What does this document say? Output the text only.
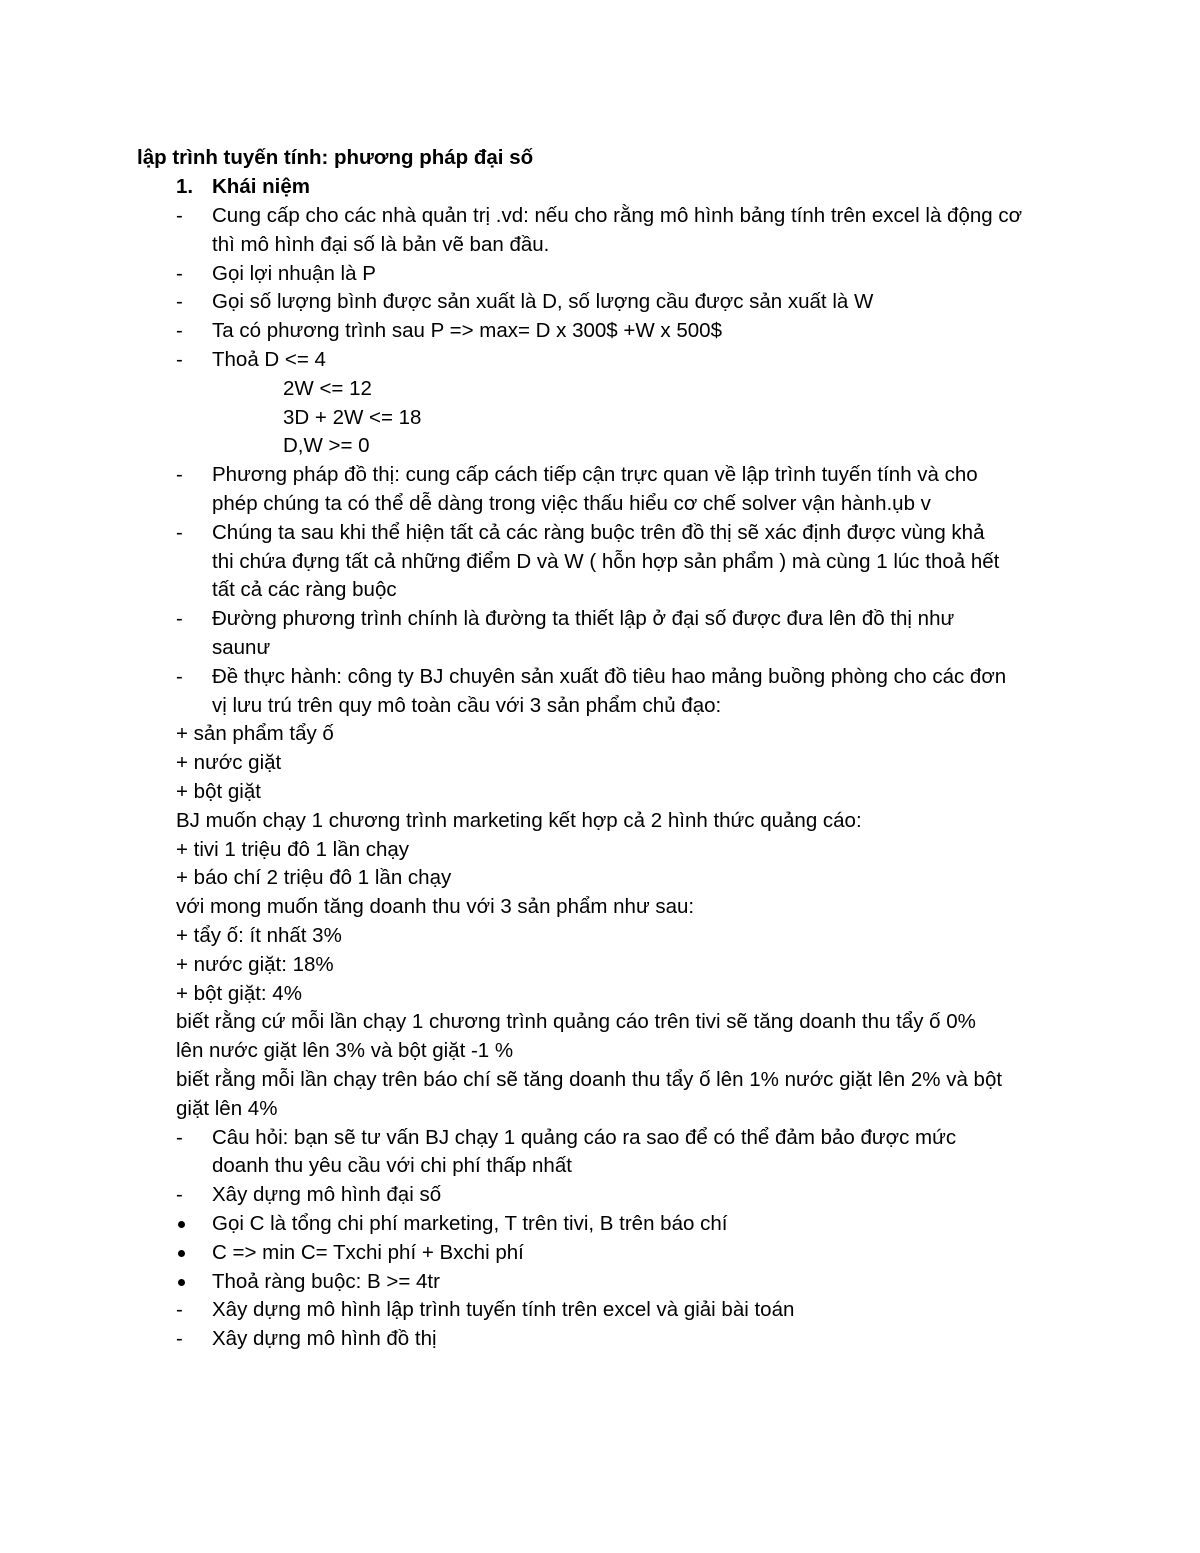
lập trình tuyến tính: phương pháp đại số
1. Khái niệm
- Cung cấp cho các nhà quản trị .vd: nếu cho rằng mô hình bảng tính trên excel là động cơ
thì mô hình đại số là bản vẽ ban đầu.
- Gọi lợi nhuận là P
- Gọi số lượng bình được sản xuất là D, số lượng cầu được sản xuất là W
- Ta có phương trình sau P => max= D x 300$ +W x 500$
- Thoả D <= 4
2W <= 12
3D + 2W <= 18
D,W >= 0
- Phương pháp đồ thị: cung cấp cách tiếp cận trực quan về lập trình tuyến tính và cho
phép chúng ta có thể dễ dàng trong việc thấu hiểu cơ chế solver vận hành.ụb v
- Chúng ta sau khi thể hiện tất cả các ràng buộc trên đồ thị sẽ xác định được vùng khả
thi chứa đựng tất cả những điểm D và W ( hỗn hợp sản phẩm ) mà cùng 1 lúc thoả hết
tất cả các ràng buộc
- Đường phương trình chính là đường ta thiết lập ở đại số được đưa lên đồ thị như
saunư
- Đề thực hành: công ty BJ chuyên sản xuất đồ tiêu hao mảng buồng phòng cho các đơn
vị lưu trú trên quy mô toàn cầu với 3 sản phẩm chủ đạo:
+ sản phẩm tẩy ố
+ nước giặt
+ bột giặt
BJ muốn chạy 1 chương trình marketing kết hợp cả 2 hình thức quảng cáo:
+ tivi 1 triệu đô 1 lần chạy
+ báo chí 2 triệu đô 1 lần chạy
với mong muốn tăng doanh thu với 3 sản phẩm như sau:
+ tẩy ố: ít nhất 3%
+ nước giặt: 18%
+ bột giặt: 4%
biết rằng cứ mỗi lần chạy 1 chương trình quảng cáo trên tivi sẽ tăng doanh thu tẩy ố 0%
lên nước giặt lên 3% và bột giặt -1 %
biết rằng mỗi lần chạy trên báo chí sẽ tăng doanh thu tẩy ố lên 1% nước giặt lên 2% và bột
giặt lên 4%
- Câu hỏi: bạn sẽ tư vấn BJ chạy 1 quảng cáo ra sao để có thể đảm bảo được mức
doanh thu yêu cầu với chi phí thấp nhất
- Xây dựng mô hình đại số
Gọi C là tổng chi phí marketing, T trên tivi, B trên báo chí
C => min C= Txchi phí + Bxchi phí
Thoả ràng buộc: B >= 4tr
- Xây dựng mô hình lập trình tuyến tính trên excel và giải bài toán
- Xây dựng mô hình đồ thị
